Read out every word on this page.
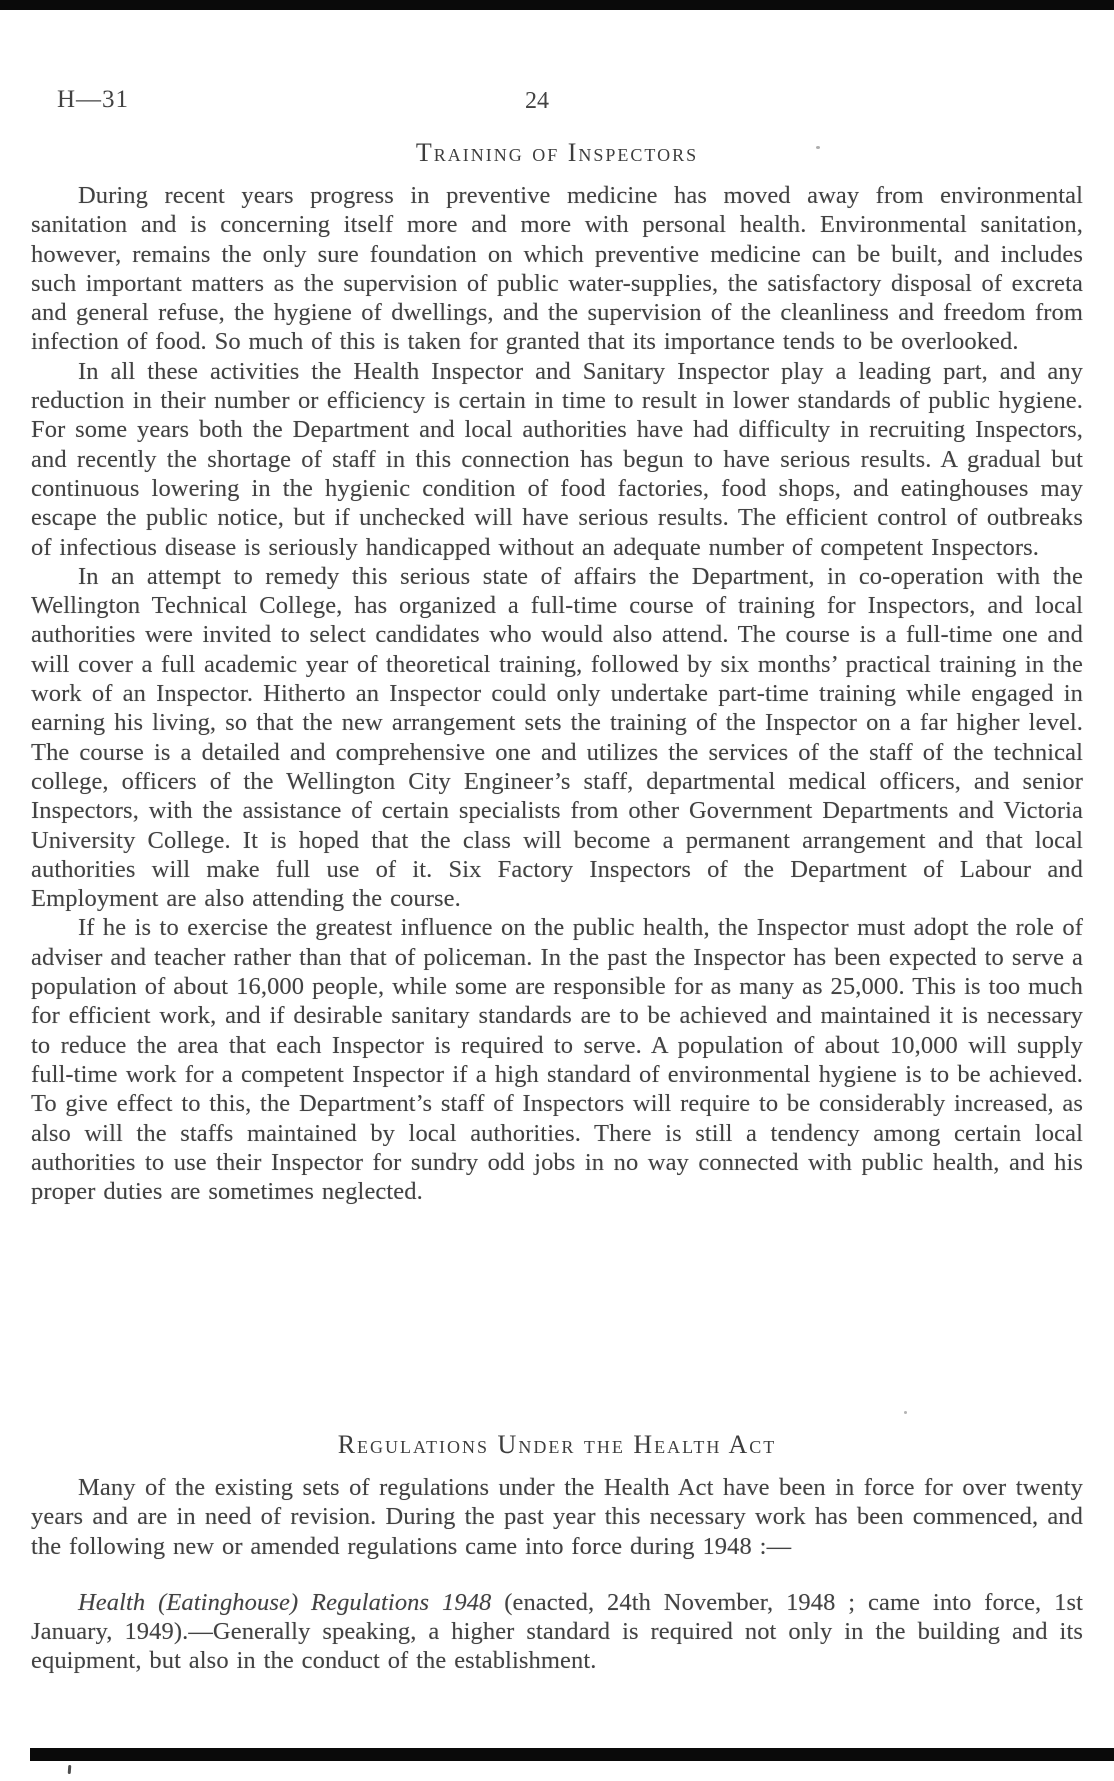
H—31	24
Training of Inspectors

During recent years progress in preventive medicine has moved away from environmental sanitation and is concerning itself more and more with personal health. Environmental sanitation, however, remains the only sure foundation on which preventive medicine can be built, and includes such important matters as the supervision of public water-supplies, the satisfactory disposal of excreta and general refuse, the hygiene of dwellings, and the supervision of the cleanliness and freedom from infection of food. So much of this is taken for granted that its importance tends to be overlooked.

In all these activities the Health Inspector and Sanitary Inspector play a leading part, and any reduction in their number or efficiency is certain in time to result in lower standards of public hygiene. For some years both the Department and local authorities have had difficulty in recruiting Inspectors, and recently the shortage of staff in this connection has begun to have serious results. A gradual but continuous lowering in the hygienic condition of food factories, food shops, and eatinghouses may escape the public notice, but if unchecked will have serious results. The efficient control of outbreaks of infectious disease is seriously handicapped without an adequate number of competent Inspectors.

In an attempt to remedy this serious state of affairs the Department, in co-operation with the Wellington Technical College, has organized a full-time course of training for Inspectors, and local authorities were invited to select candidates who would also attend. The course is a full-time one and will cover a full academic year of theoretical training, followed by six months’ practical training in the work of an Inspector. Hitherto an Inspector could only undertake part-time training while engaged in earning his living, so that the new arrangement sets the training of the Inspector on a far higher level. The course is a detailed and comprehensive one and utilizes the services of the staff of the technical college, officers of the Wellington City Engineer’s staff, departmental medical officers, and senior Inspectors, with the assistance of certain specialists from other Government Departments and Victoria University College. It is hoped that the class will become a permanent arrangement and that local authorities will make full use of it. Six Factory Inspectors of the Department of Labour and Employment are also attending the course.

If he is to exercise the greatest influence on the public health, the Inspector must adopt the role of adviser and teacher rather than that of policeman. In the past the Inspector has been expected to serve a population of about 16,000 people, while some are responsible for as many as 25,000. This is too much for efficient work, and if desirable sanitary standards are to be achieved and maintained it is necessary to reduce the area that each Inspector is required to serve. A population of about 10,000 will supply full-time work for a competent Inspector if a high standard of environmental hygiene is to be achieved. To give effect to this, the Department’s staff of Inspectors will require to be considerably increased, as also will the staffs maintained by local authorities. There is still a tendency among certain local authorities to use their Inspector for sundry odd jobs in no way connected with public health, and his proper duties are sometimes neglected.

Regulations Under the Health Act

Many of the existing sets of regulations under the Health Act have been in force for over twenty years and are in need of revision. During the past year this necessary work has been commenced, and the following new or amended regulations came into force during 1948 :—

Health (Eatinghouse) Regulations 1948 (enacted, 24th November, 1948 ; came into force, 1st January, 1949).—Generally speaking, a higher standard is required not only in the building and its equipment, but also in the conduct of the establishment.
